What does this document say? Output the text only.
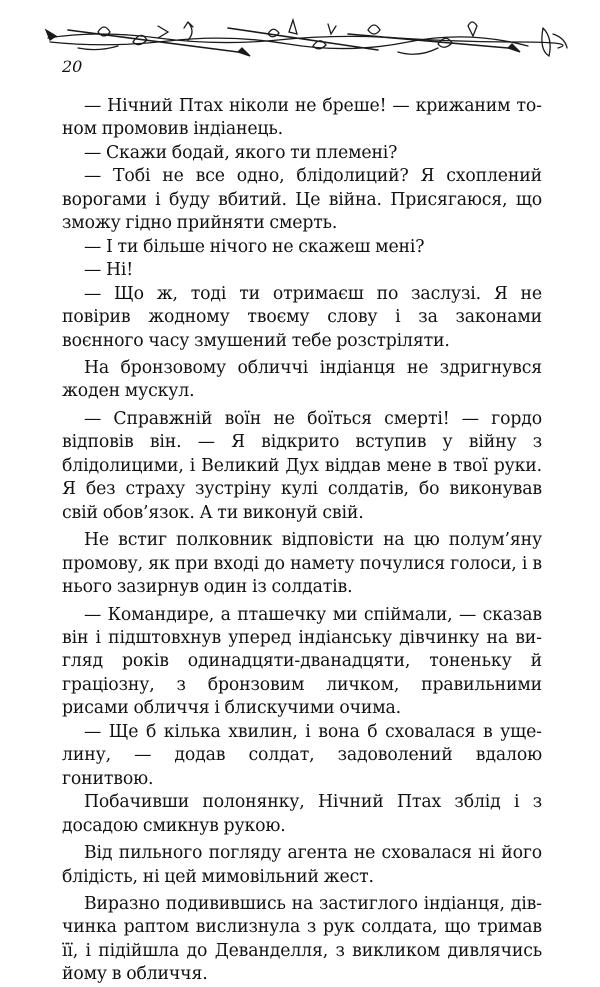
20

— Нічний Птах ніколи не бреше! — крижаним тоном промовив індіанець.

— Скажи бодай, якого ти племені?

— Тобі не все одно, блідолиций? Я схоплений ворогами і буду вбитий. Це війна. Присягаюся, що зможу гідно прийняти смерть.

— І ти більше нічого не скажеш мені?

— Ні!

— Що ж, тоді ти отримаєш по заслузі. Я не повірив жодному твоєму слову і за законами воєнного часу змушений тебе розстріляти.

На бронзовому обличчі індіанця не здригнувся жоден мускул.

— Справжній воїн не боїться смерті! — гордо відповів він. — Я відкрито вступив у війну з блідолицими, і Великий Дух віддав мене в твої руки. Я без страху зустріну кулі солдатів, бо виконував свій обов’язок. А ти виконуй свій.

Не встиг полковник відповісти на цю полум’яну промову, як при вході до намету почулися голоси, і в нього зазирнув один із солдатів.

— Командире, а пташечку ми спіймали, — сказав він і підштовхнув уперед індіанську дівчинку на вигляд років одинадцяти-дванадцяти, тоненьку й граціозну, з бронзовим личком, правильними рисами обличчя і блискучими очима.

— Ще б кілька хвилин, і вона б сховалася в ущелину, — додав солдат, задоволений вдалою гонитвою.

Побачивши полонянку, Нічний Птах зблід і з досадою смикнув рукою.

Від пильного погляду агента не сховалася ні його блідість, ні цей мимовільний жест.

Виразно подивившись на застиглого індіанця, дівчинка раптом вислизнула з рук солдата, що тримав її, і підійшла до Деванделля, з викликом дивлячись йому в обличчя.
